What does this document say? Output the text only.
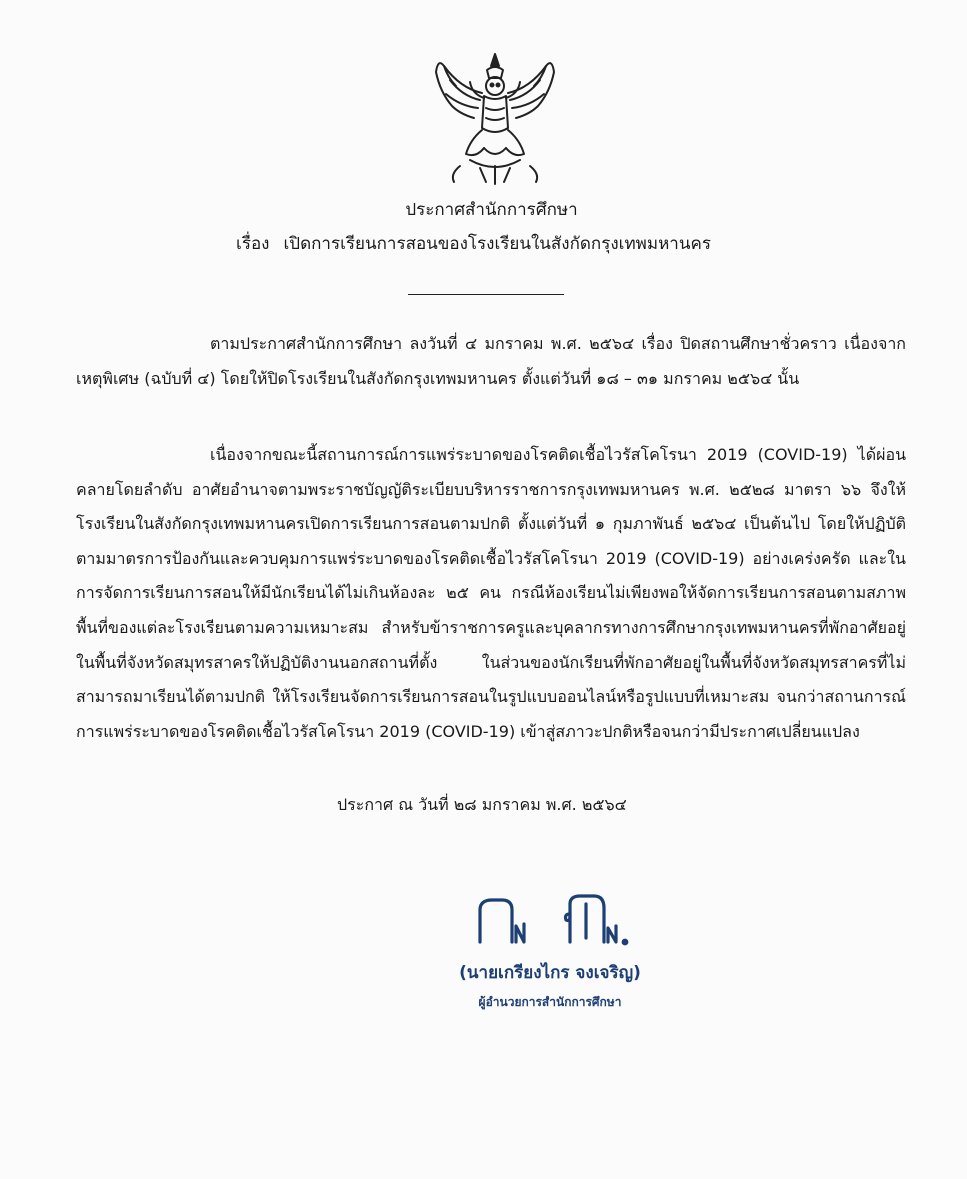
ประกาศสำนักการศึกษา
เรื่อง เปิดการเรียนการสอนของโรงเรียนในสังกัดกรุงเทพมหานคร

ตามประกาศสำนักการศึกษา ลงวันที่ ๔ มกราคม พ.ศ. ๒๕๖๔ เรื่อง ปิดสถานศึกษาชั่วคราว เนื่องจากเหตุพิเศษ (ฉบับที่ ๔) โดยให้ปิดโรงเรียนในสังกัดกรุงเทพมหานคร ตั้งแต่วันที่ ๑๘ – ๓๑ มกราคม ๒๕๖๔ นั้น

เนื่องจากขณะนี้สถานการณ์การแพร่ระบาดของโรคติดเชื้อไวรัสโคโรนา 2019 (COVID-19) ได้ผ่อนคลายโดยลำดับ อาศัยอำนาจตามพระราชบัญญัติระเบียบบริหารราชการกรุงเทพมหานคร พ.ศ. ๒๕๒๘ มาตรา ๖๖ จึงให้โรงเรียนในสังกัดกรุงเทพมหานครเปิดการเรียนการสอนตามปกติ ตั้งแต่วันที่ ๑ กุมภาพันธ์ ๒๕๖๔ เป็นต้นไป โดยให้ปฏิบัติตามมาตรการป้องกันและควบคุมการแพร่ระบาดของโรคติดเชื้อไวรัสโคโรนา 2019 (COVID-19) อย่างเคร่งครัด และในการจัดการเรียนการสอนให้มีนักเรียนได้ไม่เกินห้องละ ๒๕ คน กรณีห้องเรียนไม่เพียงพอให้จัดการเรียนการสอนตามสภาพพื้นที่ของแต่ละโรงเรียนตามความเหมาะสม สำหรับข้าราชการครูและบุคลากรทางการศึกษากรุงเทพมหานครที่พักอาศัยอยู่ในพื้นที่จังหวัดสมุทรสาครให้ปฏิบัติงานนอกสถานที่ตั้ง ในส่วนของนักเรียนที่พักอาศัยอยู่ในพื้นที่จังหวัดสมุทรสาครที่ไม่สามารถมาเรียนได้ตามปกติ ให้โรงเรียนจัดการเรียนการสอนในรูปแบบออนไลน์หรือรูปแบบที่เหมาะสม จนกว่าสถานการณ์การแพร่ระบาดของโรคติดเชื้อไวรัสโคโรนา 2019 (COVID-19) เข้าสู่สภาวะปกติหรือจนกว่ามีประกาศเปลี่ยนแปลง

ประกาศ ณ วันที่ ๒๘ มกราคม พ.ศ. ๒๕๖๔
(นายเกรียงไกร จงเจริญ)
ผู้อำนวยการสำนักการศึกษา
